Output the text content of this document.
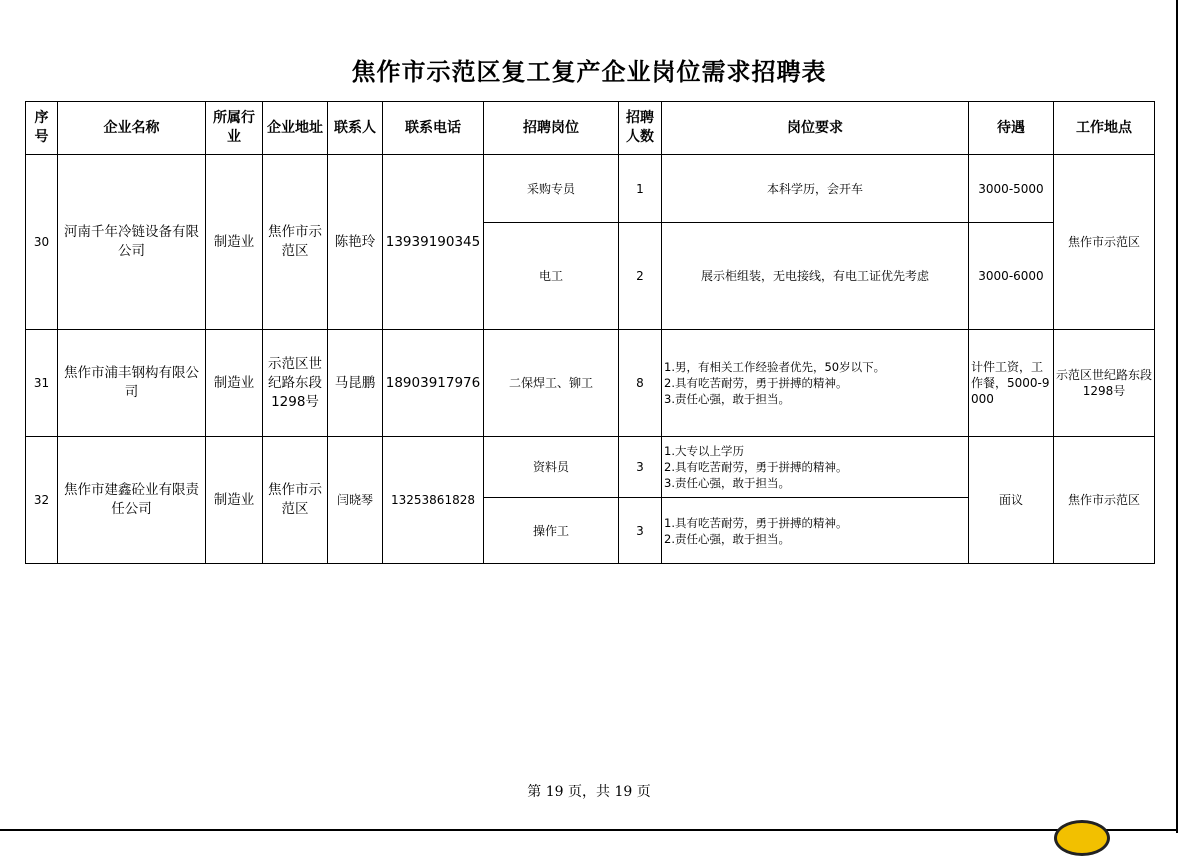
焦作市示范区复工复产企业岗位需求招聘表
序号	企业名称	所属行业	企业地址	联系人	联系电话	招聘岗位	招聘人数	岗位要求	待遇	工作地点
30	河南千年冷链设备有限公司	制造业	焦作市示范区	陈艳玲	13939190345	采购专员	1	本科学历，会开车	3000-5000	焦作市示范区
						电工	2	展示柜组装，无电接线，有电工证优先考虑	3000-6000	
31	焦作市浦丰钢构有限公司	制造业	示范区世纪路东段1298号	马昆鹏	18903917976	二保焊工、铆工	8	1.男，有相关工作经验者优先，50岁以下。
2.具有吃苦耐劳，勇于拼搏的精神。
3.责任心强，敢于担当。	计件工资，工作餐，5000-9000	示范区世纪路东段1298号
32	焦作市建鑫砼业有限责任公司	制造业	焦作市示范区	闫晓琴	13253861828	资料员	3	1.大专以上学历
2.具有吃苦耐劳，勇于拼搏的精神。
3.责任心强，敢于担当。	面议	焦作市示范区
						操作工	3	1.具有吃苦耐劳，勇于拼搏的精神。
2.责任心强，敢于担当。		
第 19 页，共 19 页
